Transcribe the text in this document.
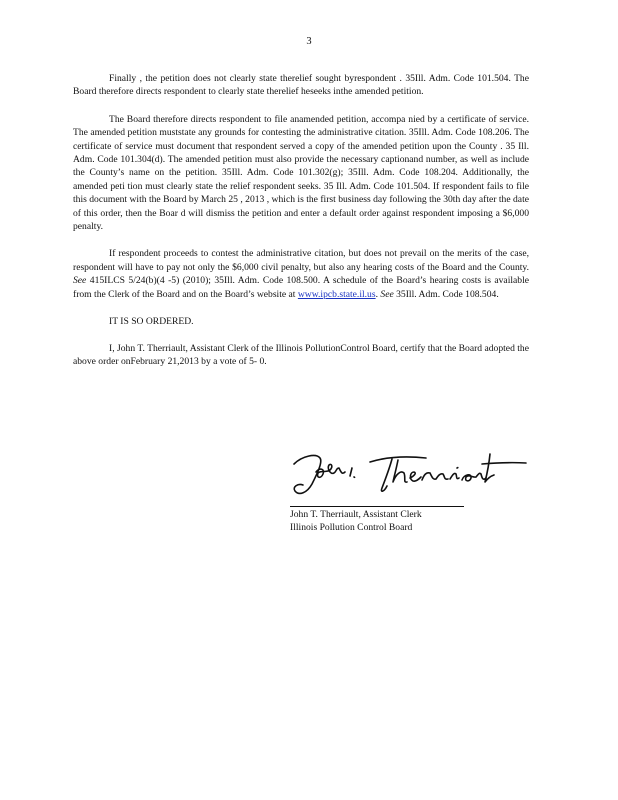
3

Finally , the petition does not clearly state therelief sought byrespondent . 35Ill. Adm. Code 101.504. The Board therefore directs respondent to clearly state therelief heseeks inthe amended petition.

The Board therefore directs respondent to file anamended petition, accompa nied by a certificate of service. The amended petition muststate any grounds for contesting the administrative citation. 35Ill. Adm. Code 108.206. The certificate of service must document that respondent served a copy of the amended petition upon the County . 35 Ill. Adm. Code 101.304(d). The amended petition must also provide the necessary captionand number, as well as include the County’s name on the petition. 35Ill. Adm. Code 101.302(g); 35Ill. Adm. Code 108.204. Additionally, the amended peti tion must clearly state the relief respondent seeks. 35 Ill. Adm. Code 101.504. If respondent fails to file this document with the Board by March 25 , 2013 , which is the first business day following the 30th day after the date of this order, then the Boar d will dismiss the petition and enter a default order against respondent imposing a $6,000 penalty.

If respondent proceeds to contest the administrative citation, but does not prevail on the merits of the case, respondent will have to pay not only the $6,000 civil penalty, but also any hearing costs of the Board and the County. See 415ILCS 5/24(b)(4 -5) (2010); 35Ill. Adm. Code 108.500. A schedule of the Board’s hearing costs is available from the Clerk of the Board and on the Board’s website at www.ipcb.state.il.us. See 35Ill. Adm. Code 108.504.

IT IS SO ORDERED.

I, John T. Therriault, Assistant Clerk of the Illinois PollutionControl Board, certify that the Board adopted the above order onFebruary 21,2013 by a vote of 5- 0.

John T. Therriault, Assistant Clerk
Illinois Pollution Control Board
